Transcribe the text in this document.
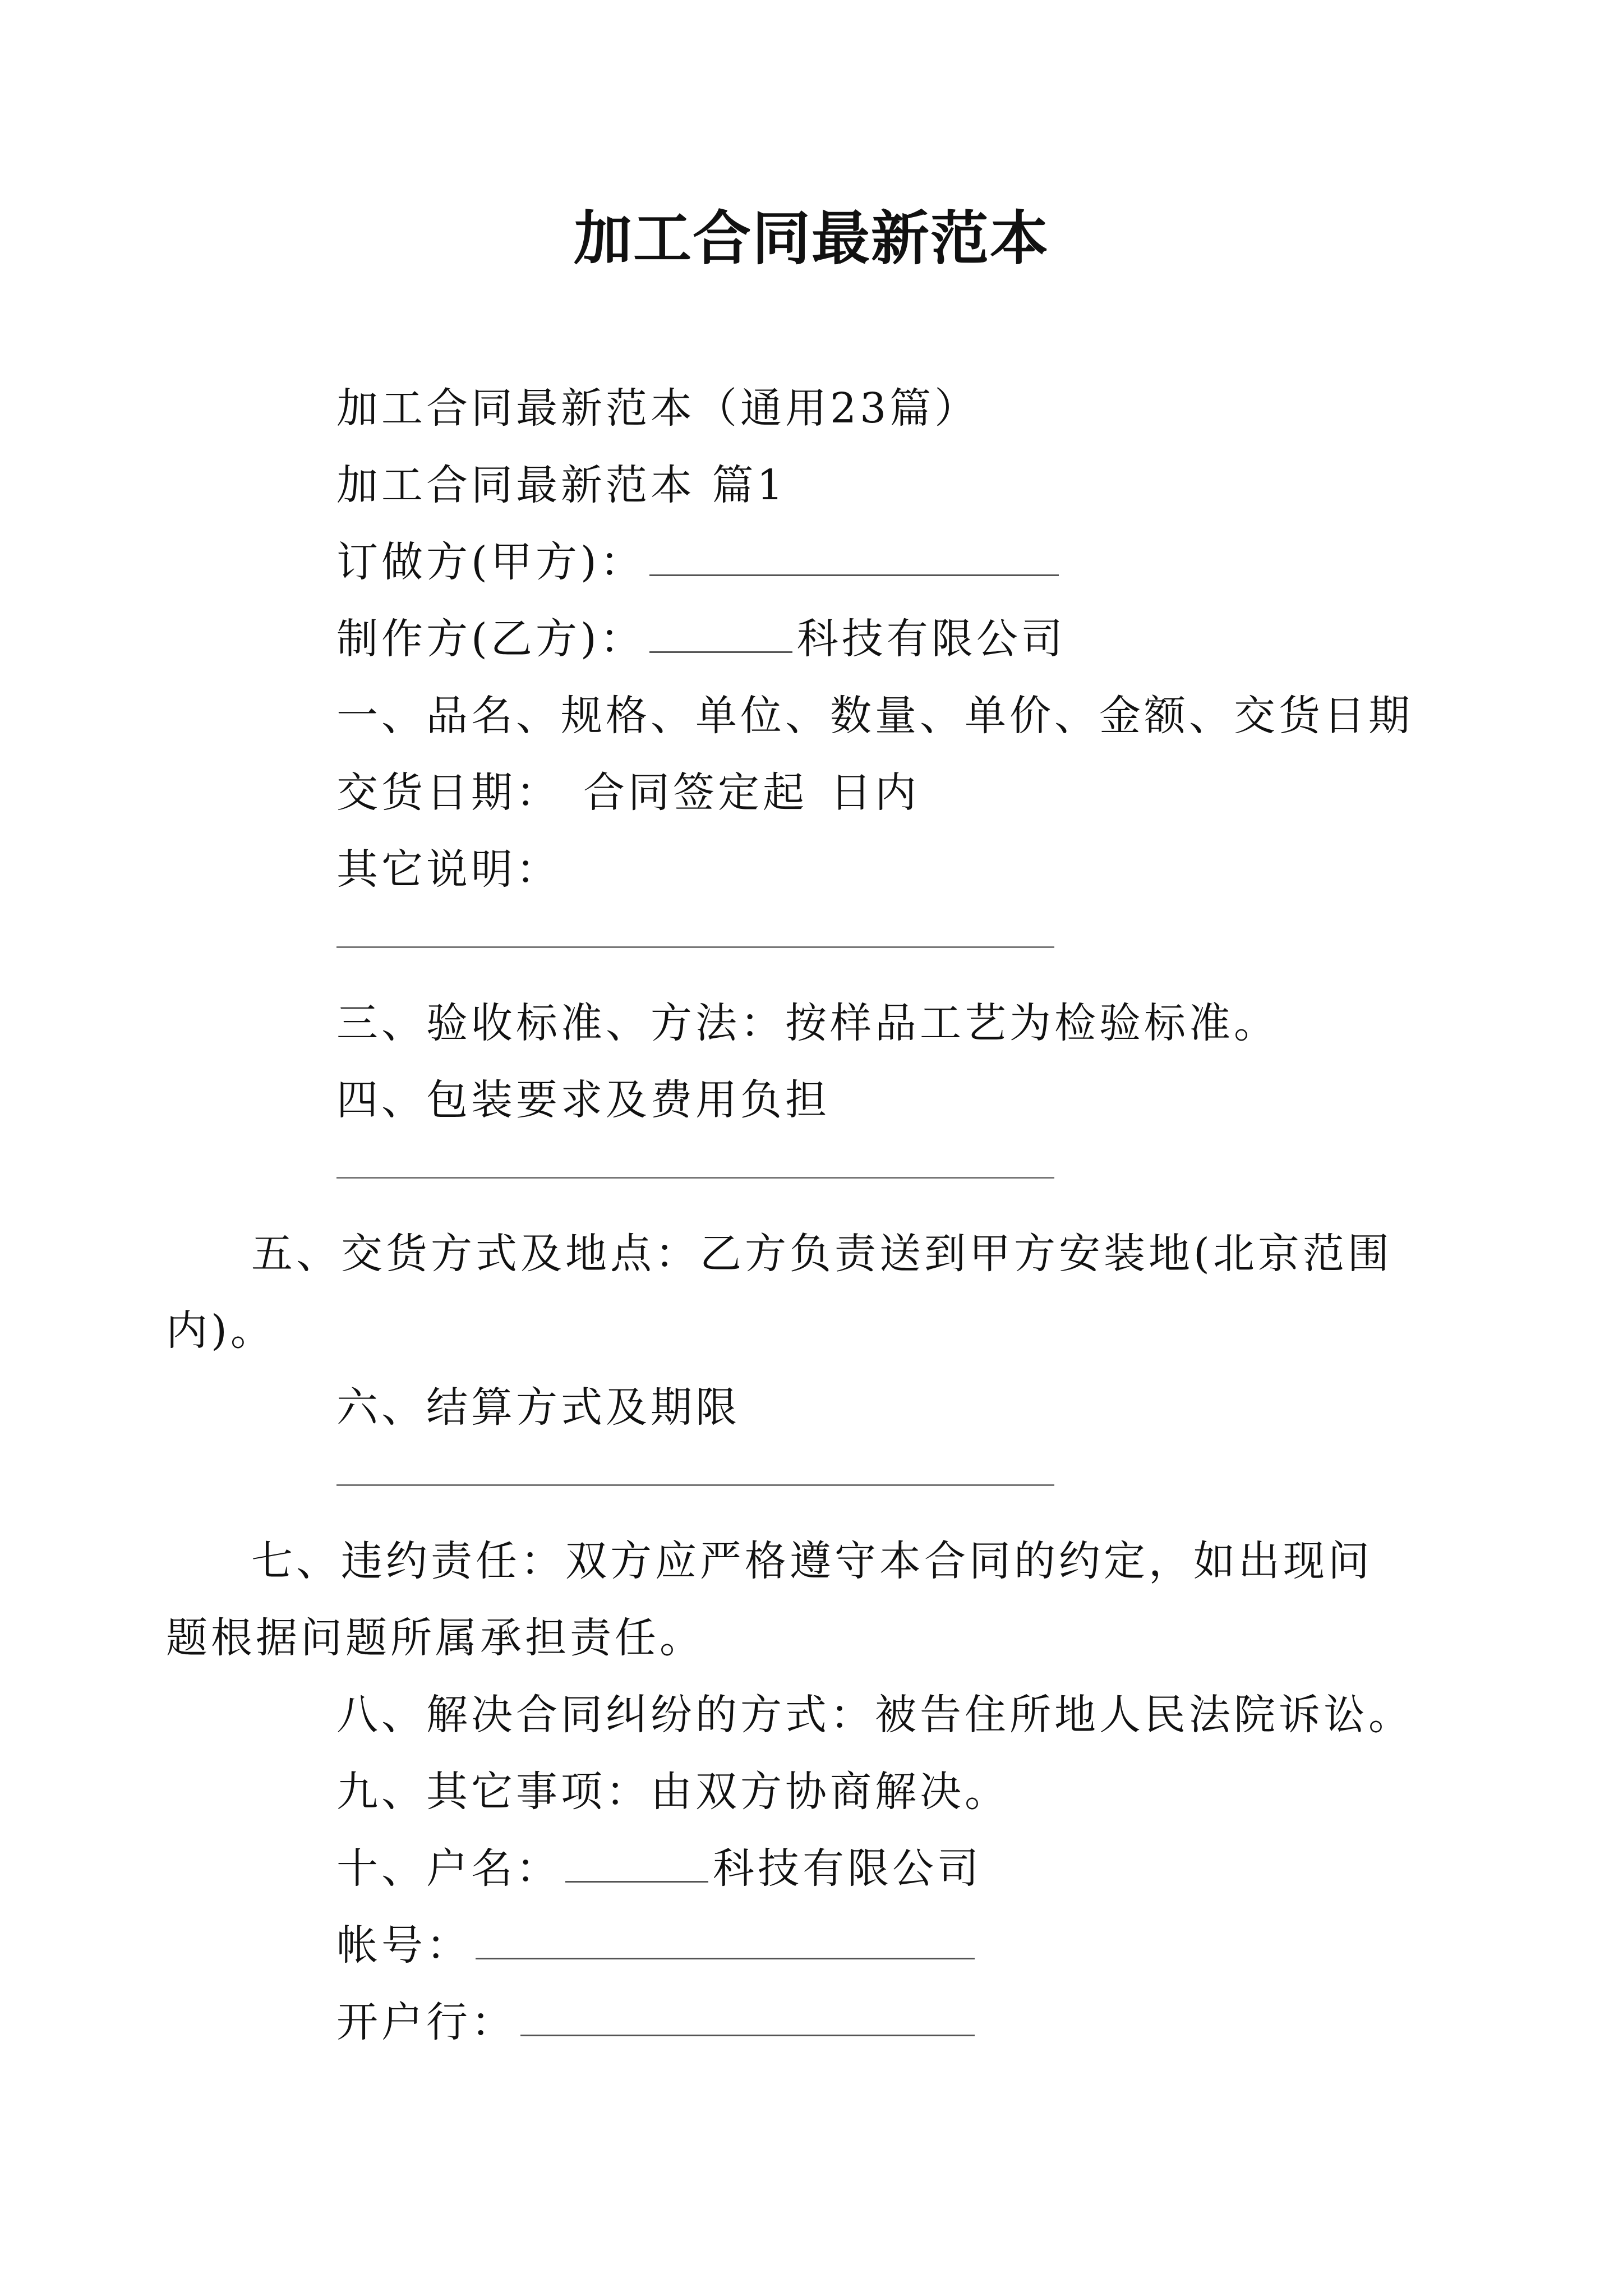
加工合同最新范本
加工合同最新范本（通用23篇）
加工合同最新范本 篇1
订做方(甲方)：
制作方(乙方)：	科技有限公司
一、品名、规格、单位、数量、单价、金额、交货日期
交货日期： 合同签定起 日内
其它说明：
三、验收标准、方法：按样品工艺为检验标准。
四、包装要求及费用负担
五、交货方式及地点：乙方负责送到甲方安装地(北京范围内)。
六、结算方式及期限
七、违约责任：双方应严格遵守本合同的约定，如出现问题根据问题所属承担责任。
八、解决合同纠纷的方式：被告住所地人民法院诉讼。
九、其它事项：由双方协商解决。
十、户名：	科技有限公司
帐号：
开户行：
